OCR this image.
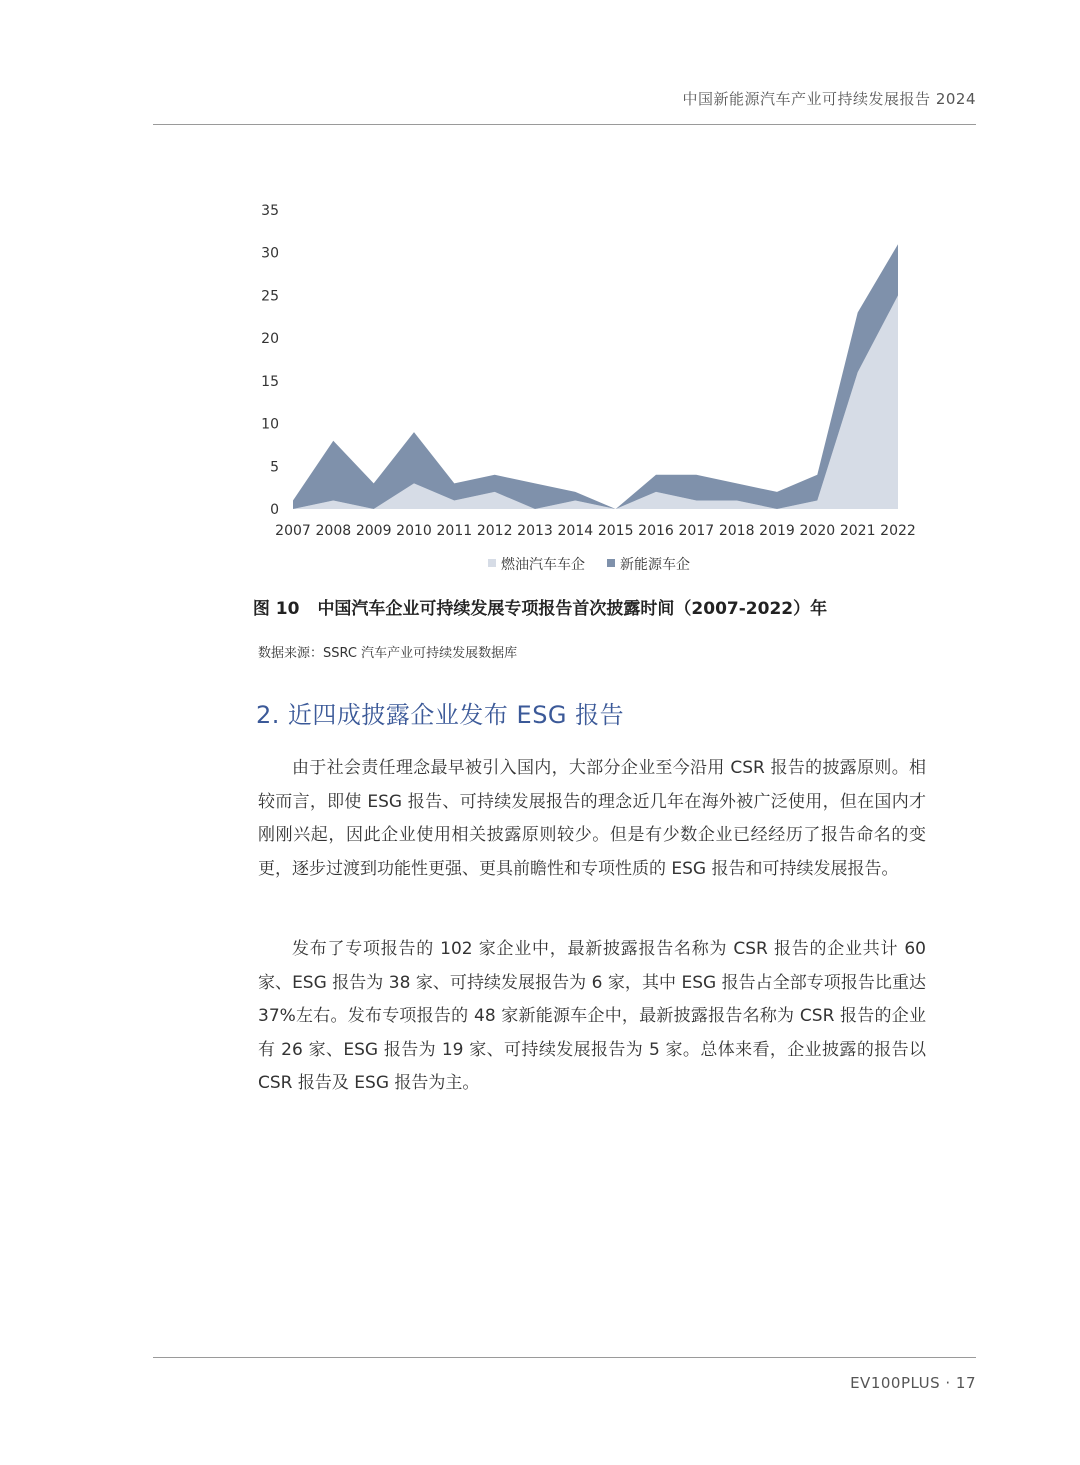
中国新能源汽车产业可持续发展报告 2024
0
5
10
15
20
25
30
35
2007 2008 2009 2010 2011 2012 2013 2014 2015 2016 2017 2018 2019 2020 2021 2022
燃油汽车车企	新能源车企
图 10 中国汽车企业可持续发展专项报告首次披露时间（2007-2022）年
数据来源：SSRC 汽车产业可持续发展数据库
2. 近四成披露企业发布 ESG 报告

由于社会责任理念最早被引入国内，大部分企业至今沿用 CSR 报告的披露原则。相较而言，即使 ESG 报告、可持续发展报告的理念近几年在海外被广泛使用，但在国内才刚刚兴起，因此企业使用相关披露原则较少。但是有少数企业已经经历了报告命名的变更，逐步过渡到功能性更强、更具前瞻性和专项性质的 ESG 报告和可持续发展报告。

发布了专项报告的 102 家企业中，最新披露报告名称为 CSR 报告的企业共计 60 家、ESG 报告为 38 家、可持续发展报告为 6 家，其中 ESG 报告占全部专项报告比重达 37%左右。发布专项报告的 48 家新能源车企中，最新披露报告名称为 CSR 报告的企业有 26 家、ESG 报告为 19 家、可持续发展报告为 5 家。总体来看，企业披露的报告以 CSR 报告及 ESG 报告为主。

EV100PLUS · 17
